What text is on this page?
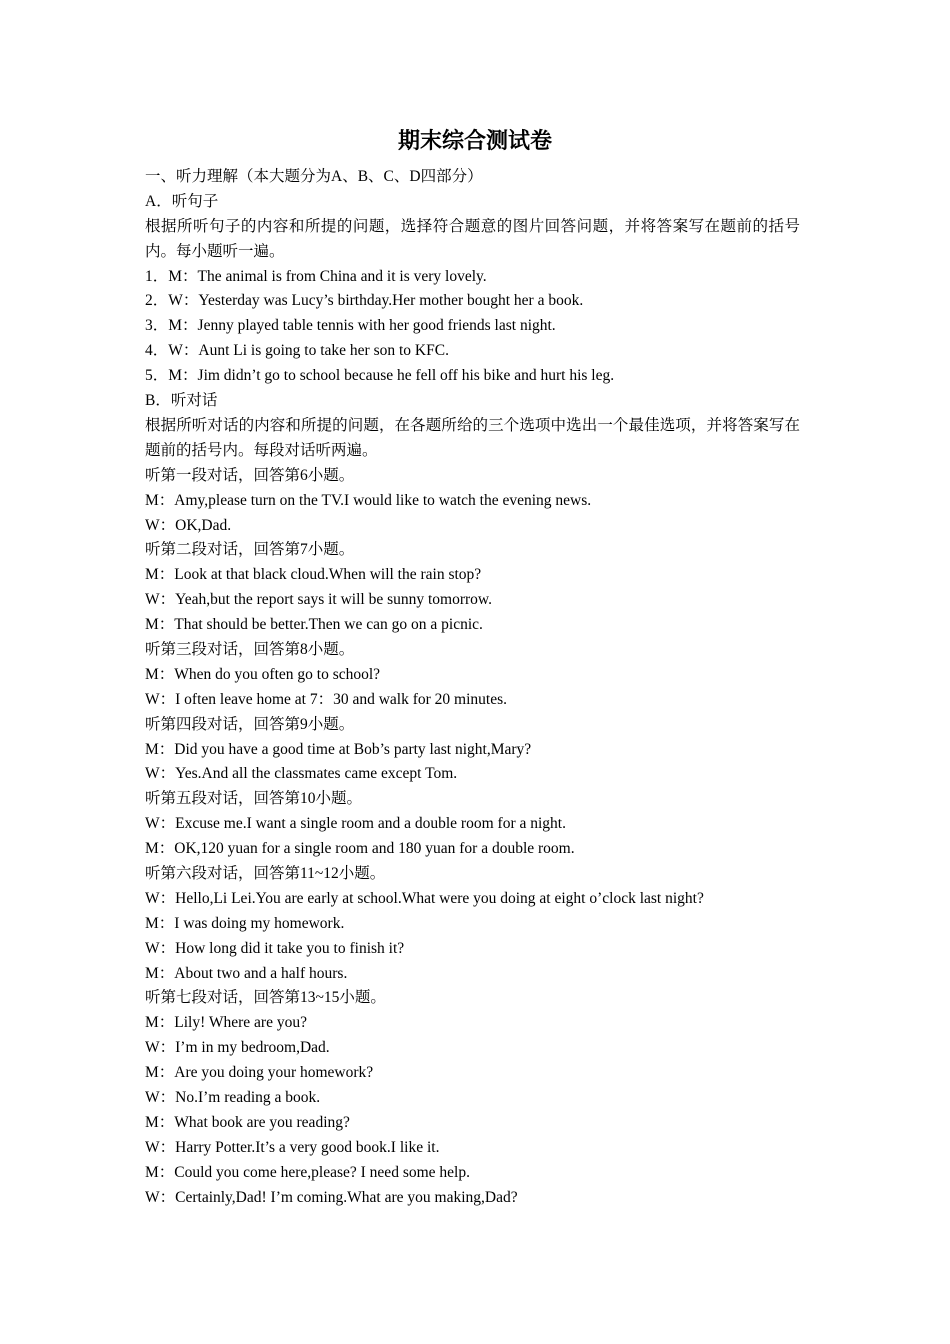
期末综合测试卷
一、听力理解（本大题分为A、B、C、D四部分）
A．听句子
根据所听句子的内容和所提的问题，选择符合题意的图片回答问题，并将答案写在题前的括号内。每小题听一遍。
1．M：The animal is from China and it is very lovely.
2．W：Yesterday was Lucy’s birthday.Her mother bought her a book.
3．M：Jenny played table tennis with her good friends last night.
4．W：Aunt Li is going to take her son to KFC.
5．M：Jim didn’t go to school because he fell off his bike and hurt his leg.
B．听对话
根据所听对话的内容和所提的问题，在各题所给的三个选项中选出一个最佳选项，并将答案写在题前的括号内。每段对话听两遍。
听第一段对话，回答第6小题。
M：Amy,please turn on the TV.I would like to watch the evening news.
W：OK,Dad.
听第二段对话，回答第7小题。
M：Look at that black cloud.When will the rain stop?
W：Yeah,but the report says it will be sunny tomorrow.
M：That should be better.Then we can go on a picnic.
听第三段对话，回答第8小题。
M：When do you often go to school?
W：I often leave home at 7：30 and walk for 20 minutes.
听第四段对话，回答第9小题。
M：Did you have a good time at Bob’s party last night,Mary?
W：Yes.And all the classmates came except Tom.
听第五段对话，回答第10小题。
W：Excuse me.I want a single room and a double room for a night.
M：OK,120 yuan for a single room and 180 yuan for a double room.
听第六段对话，回答第11~12小题。
W：Hello,Li Lei.You are early at school.What were you doing at eight o’clock last night?
M：I was doing my homework.
W：How long did it take you to finish it?
M：About two and a half hours.
听第七段对话，回答第13~15小题。
M：Lily! Where are you?
W：I’m in my bedroom,Dad.
M：Are you doing your homework?
W：No.I’m reading a book.
M：What book are you reading?
W：Harry Potter.It’s a very good book.I like it.
M：Could you come here,please? I need some help.
W：Certainly,Dad! I’m coming.What are you making,Dad?
